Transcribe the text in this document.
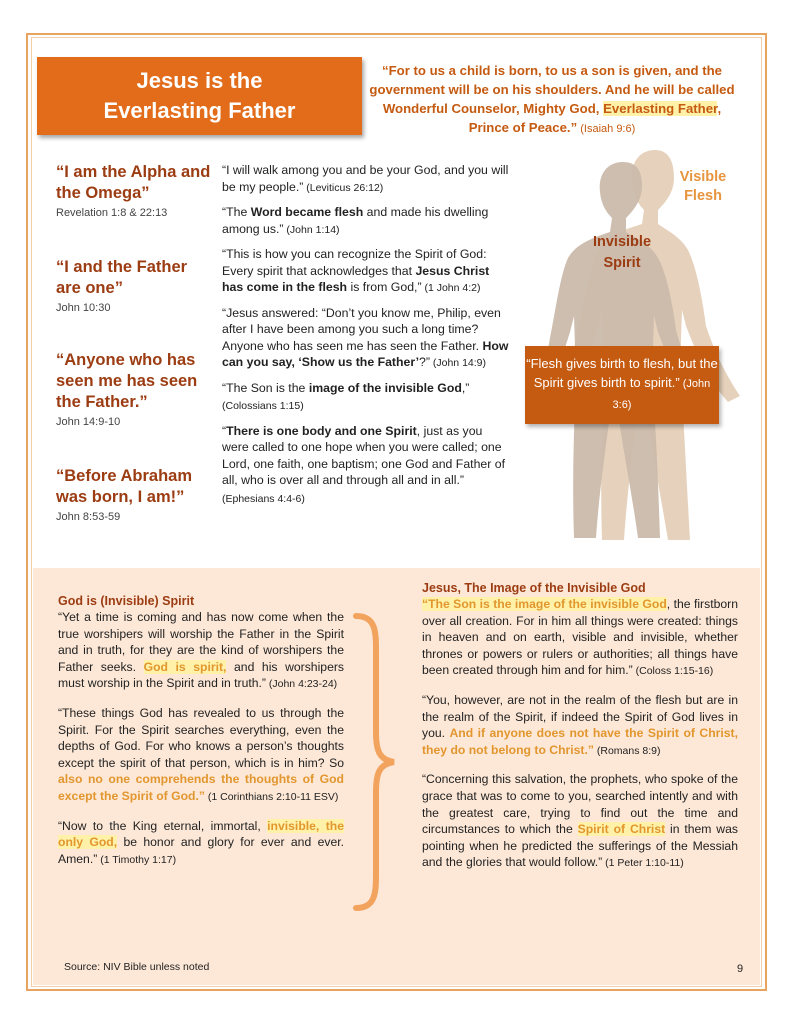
Jesus is the
Everlasting Father
“For to us a child is born, to us a son is given, and the government will be on his shoulders. And he will be called Wonderful Counselor, Mighty God, Everlasting Father, Prince of Peace.” (Isaiah 9:6)
“I am the Alpha and the Omega”
Revelation 1:8 & 22:13
“I and the Father are one”
John 10:30
“Anyone who has seen me has seen the Father.”
John 14:9-10
“Before Abraham was born, I am!”
John 8:53-59

“I will walk among you and be your God, and you will be my people.” (Leviticus 26:12)

“The Word became flesh and made his dwelling among us.” (John 1:14)

“This is how you can recognize the Spirit of God: Every spirit that acknowledges that Jesus Christ has come in the flesh is from God,” (1 John 4:2)

“Jesus answered: “Don’t you know me, Philip, even after I have been among you such a long time? Anyone who has seen me has seen the Father. How can you say, ‘Show us the Father’?” (John 14:9)

“The Son is the image of the invisible God,” (Colossians 1:15)

“There is one body and one Spirit, just as you were called to one hope when you were called; one Lord, one faith, one baptism; one God and Father of all, who is over all and through all and in all.” (Ephesians 4:4-6)

Visible Flesh
Invisible Spirit
“Flesh gives birth to flesh, but the Spirit gives birth to spirit.” (John 3:6)
God is (Invisible) Spirit

“Yet a time is coming and has now come when the true worshipers will worship the Father in the Spirit and in truth, for they are the kind of worshipers the Father seeks. God is spirit, and his worshipers must worship in the Spirit and in truth.” (John 4:23-24)

“These things God has revealed to us through the Spirit. For the Spirit searches everything, even the depths of God. For who knows a person’s thoughts except the spirit of that person, which is in him? So also no one comprehends the thoughts of God except the Spirit of God.” (1 Corinthians 2:10-11 ESV)

“Now to the King eternal, immortal, invisible, the only God, be honor and glory for ever and ever. Amen.” (1 Timothy 1:17)

Jesus, The Image of the Invisible God

“The Son is the image of the invisible God, the firstborn over all creation. For in him all things were created: things in heaven and on earth, visible and invisible, whether thrones or powers or rulers or authorities; all things have been created through him and for him.” (Coloss 1:15-16)

“You, however, are not in the realm of the flesh but are in the realm of the Spirit, if indeed the Spirit of God lives in you. And if anyone does not have the Spirit of Christ, they do not belong to Christ.” (Romans 8:9)

“Concerning this salvation, the prophets, who spoke of the grace that was to come to you, searched intently and with the greatest care, trying to find out the time and circumstances to which the Spirit of Christ in them was pointing when he predicted the sufferings of the Messiah and the glories that would follow.” (1 Peter 1:10-11)

Source: NIV Bible unless noted	9
